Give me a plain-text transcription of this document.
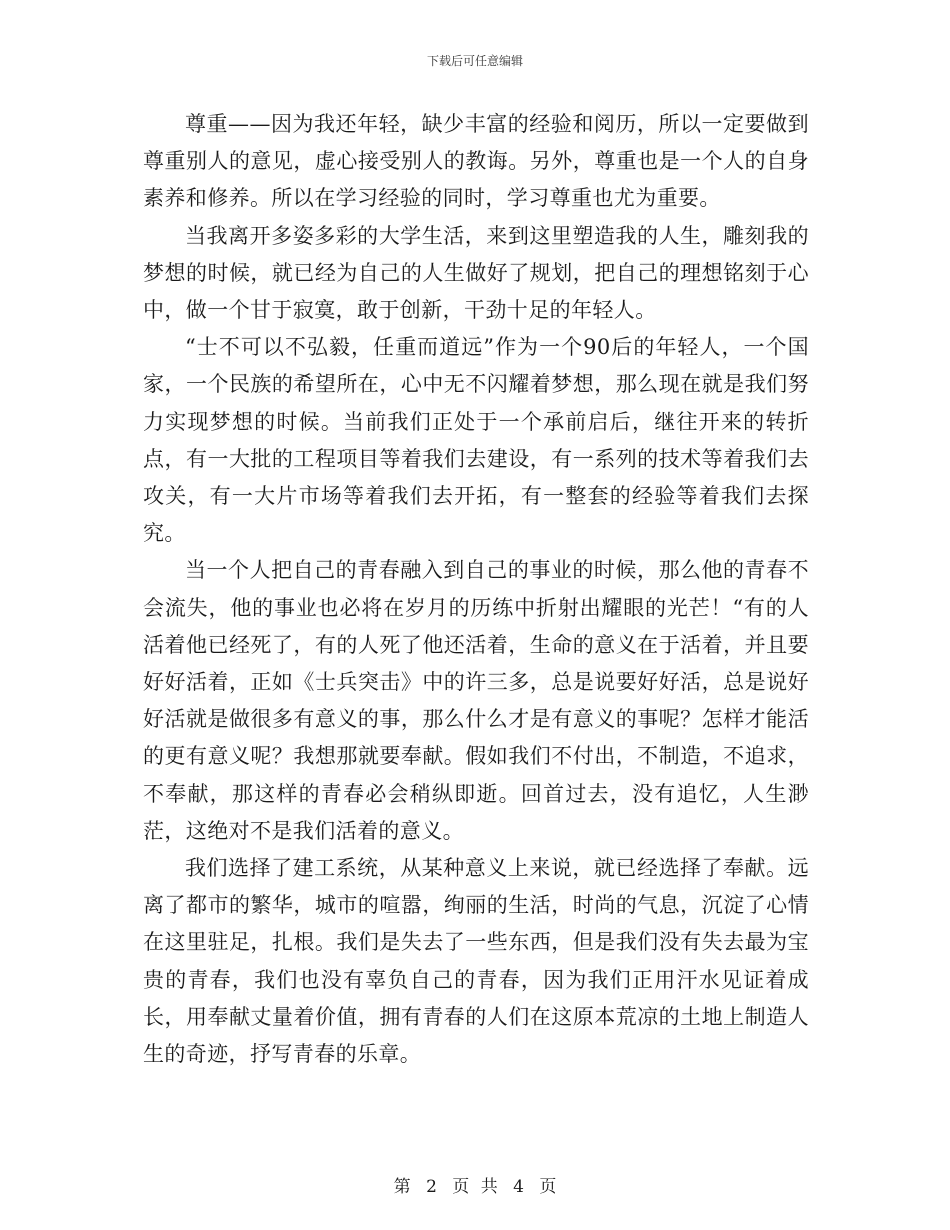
下载后可任意编辑

尊重——因为我还年轻，缺少丰富的经验和阅历，所以一定要做到尊重别人的意见，虚心接受别人的教诲。另外，尊重也是一个人的自身素养和修养。所以在学习经验的同时，学习尊重也尤为重要。

当我离开多姿多彩的大学生活，来到这里塑造我的人生，雕刻我的梦想的时候，就已经为自己的人生做好了规划，把自己的理想铭刻于心中，做一个甘于寂寞，敢于创新，干劲十足的年轻人。

“士不可以不弘毅，任重而道远”作为一个90后的年轻人，一个国家，一个民族的希望所在，心中无不闪耀着梦想，那么现在就是我们努力实现梦想的时候。当前我们正处于一个承前启后，继往开来的转折点，有一大批的工程项目等着我们去建设，有一系列的技术等着我们去攻关，有一大片市场等着我们去开拓，有一整套的经验等着我们去探究。

当一个人把自己的青春融入到自己的事业的时候，那么他的青春不会流失，他的事业也必将在岁月的历练中折射出耀眼的光芒！“有的人活着他已经死了，有的人死了他还活着，生命的意义在于活着，并且要好好活着，正如《士兵突击》中的许三多，总是说要好好活，总是说好好活就是做很多有意义的事，那么什么才是有意义的事呢？怎样才能活的更有意义呢？我想那就要奉献。假如我们不付出，不制造，不追求，不奉献，那这样的青春必会稍纵即逝。回首过去，没有追忆，人生渺茫，这绝对不是我们活着的意义。

我们选择了建工系统，从某种意义上来说，就已经选择了奉献。远离了都市的繁华，城市的喧嚣，绚丽的生活，时尚的气息，沉淀了心情在这里驻足，扎根。我们是失去了一些东西，但是我们没有失去最为宝贵的青春，我们也没有辜负自己的青春，因为我们正用汗水见证着成长，用奉献丈量着价值，拥有青春的人们在这原本荒凉的土地上制造人生的奇迹，抒写青春的乐章。

第 2 页 共 4 页
